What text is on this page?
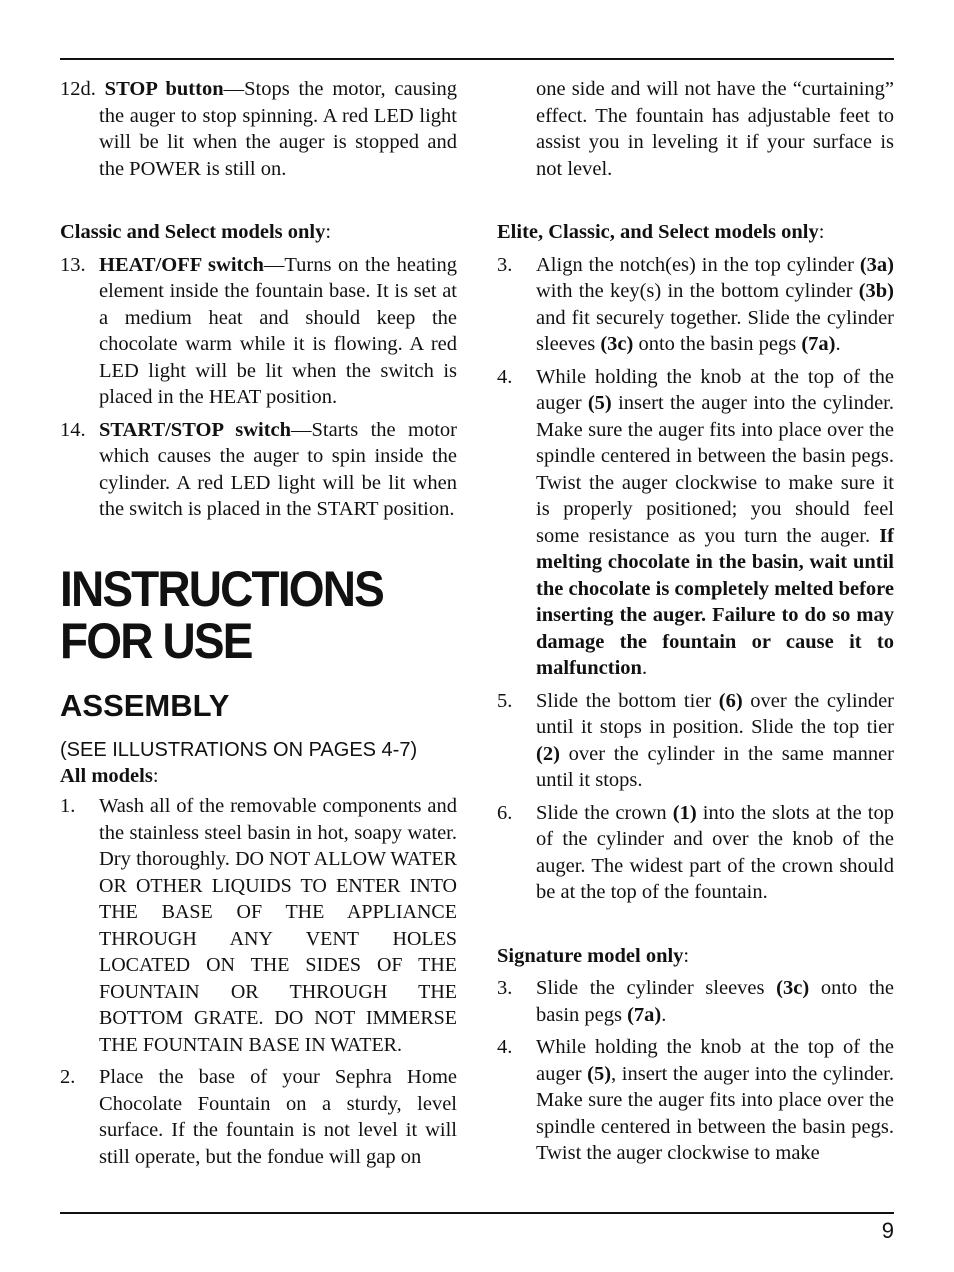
12d. STOP button—Stops the motor, causing the auger to stop spinning. A red LED light will be lit when the auger is stopped and the POWER is still on.

Classic and Select models only:

13. HEAT/OFF switch—Turns on the heating element inside the fountain base. It is set at a medium heat and should keep the chocolate warm while it is flowing. A red LED light will be lit when the switch is placed in the HEAT position.
14. START/STOP switch—Starts the motor which causes the auger to spin inside the cylinder. A red LED light will be lit when the switch is placed in the START position.
INSTRUCTIONS
FOR USE
ASSEMBLY
(SEE ILLUSTRATIONS ON PAGES 4-7)

All models:

1.	Wash all of the removable components and the stainless steel basin in hot, soapy water. Dry thoroughly. DO NOT ALLOW WATER OR OTHER LIQUIDS TO ENTER INTO THE BASE OF THE APPLIANCE THROUGH ANY VENT HOLES LOCATED ON THE SIDES OF THE FOUNTAIN OR THROUGH THE BOTTOM GRATE. DO NOT IMMERSE THE FOUNTAIN BASE IN WATER.
2.	Place the base of your Sephra Home Chocolate Fountain on a sturdy, level surface. If the fountain is not level it will still operate, but the fondue will gap on

one side and will not have the “curtaining” effect. The fountain has adjustable feet to assist you in leveling it if your surface is not level.

Elite, Classic, and Select models only:

3.	Align the notch(es) in the top cylinder (3a) with the key(s) in the bottom cylinder (3b) and fit securely together. Slide the cylinder sleeves (3c) onto the basin pegs (7a).
4.	While holding the knob at the top of the auger (5) insert the auger into the cylinder. Make sure the auger fits into place over the spindle centered in between the basin pegs. Twist the auger clockwise to make sure it is properly positioned; you should feel some resistance as you turn the auger. If melting chocolate in the basin, wait until the chocolate is completely melted before inserting the auger. Failure to do so may damage the fountain or cause it to malfunction.
5.	Slide the bottom tier (6) over the cylinder until it stops in position. Slide the top tier (2) over the cylinder in the same manner until it stops.
6.	Slide the crown (1) into the slots at the top of the cylinder and over the knob of the auger. The widest part of the crown should be at the top of the fountain.

Signature model only:

3.	Slide the cylinder sleeves (3c) onto the basin pegs (7a).
4.	While holding the knob at the top of the auger (5), insert the auger into the cylinder. Make sure the auger fits into place over the spindle centered in between the basin pegs. Twist the auger clockwise to make
9
